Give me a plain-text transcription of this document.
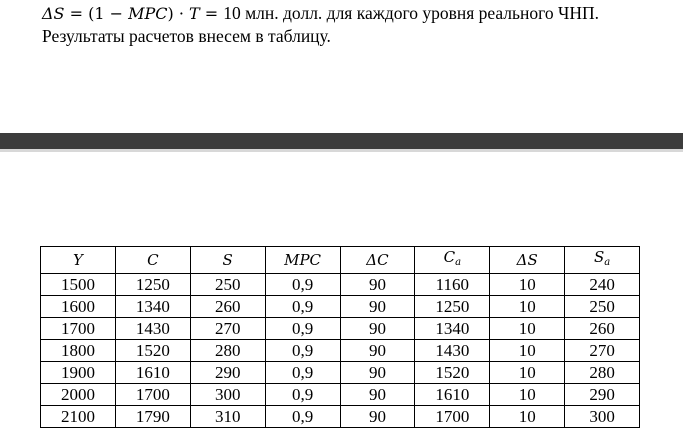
ΔS = (1 − MPC) · T = 10 млн. долл. для каждого уровня реального ЧНП.
Результаты расчетов внесем в таблицу.
Y	C	S	MPC	ΔC	$C_a$	ΔS	$S_a$
1500	1250	250	0,9	90	1160	10	240
1600	1340	260	0,9	90	1250	10	250
1700	1430	270	0,9	90	1340	10	260
1800	1520	280	0,9	90	1430	10	270
1900	1610	290	0,9	90	1520	10	280
2000	1700	300	0,9	90	1610	10	290
2100	1790	310	0,9	90	1700	10	300
